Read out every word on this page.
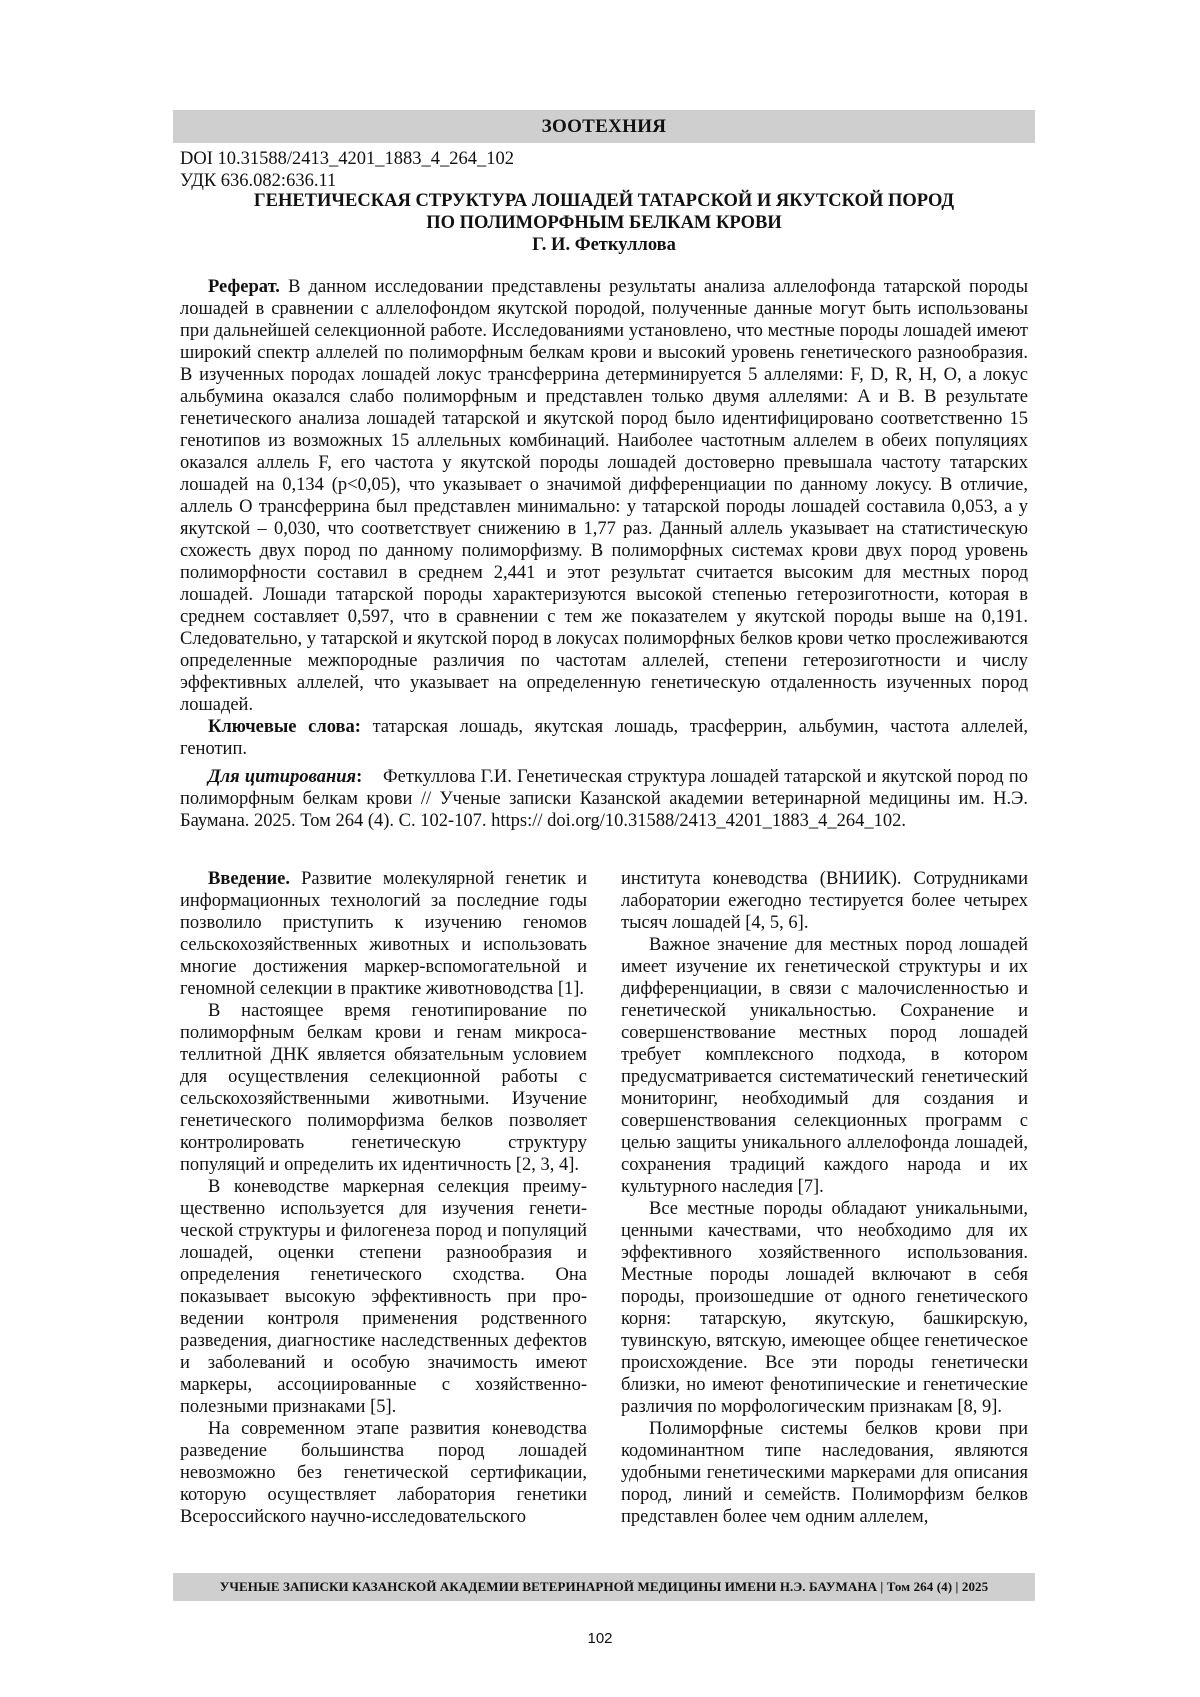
ЗООТЕХНИЯ
DOI 10.31588/2413_4201_1883_4_264_102
УДК 636.082:636.11
ГЕНЕТИЧЕСКАЯ СТРУКТУРА ЛОШАДЕЙ ТАТАРСКОЙ И ЯКУТСКОЙ ПОРОД
ПО ПОЛИМОРФНЫМ БЕЛКАМ КРОВИ
Г. И. Феткуллова

Реферат. В данном исследовании представлены результаты анализа аллелофонда татарской породы лошадей в сравнении с аллелофондом якутской породой, полученные данные могут быть использованы при дальнейшей селекционной работе. Исследованиями установлено, что местные породы лошадей имеют широкий спектр аллелей по полиморфным белкам крови и высокий уровень генетического разнообразия. В изученных породах лошадей локус трансферрина детерминируется 5 аллелями: F, D, R, H, O, а локус альбумина оказался слабо полиморфным и представлен только двумя аллелями: A и B. В результате генетического анализа лошадей татарской и якутской пород было идентифицировано соответственно 15 генотипов из возможных 15 аллельных комбинаций. Наиболее частотным аллелем в обеих популяциях оказался аллель F, его частота у якутской породы лошадей достоверно превышала частоту татарских лошадей на 0,134 (p<0,05), что указывает о значимой дифференциации по данному локусу. В отличие, аллель O трансферрина был представлен минимально: у татарской породы лошадей составила 0,053, а у якутской – 0,030, что соответствует снижению в 1,77 раз. Данный аллель указывает на статистическую схожесть двух пород по данному полиморфизму. В полиморфных системах крови двух пород уровень полиморфности составил в среднем 2,441 и этот результат считается высоким для местных пород лошадей. Лошади татарской породы характеризуются высокой степенью гетерозиготности, которая в среднем составляет 0,597, что в сравнении с тем же показателем у якутской породы выше на 0,191. Следовательно, у татарской и якутской пород в локусах полиморфных белков крови четко прослеживаются определенные межпородные различия по частотам аллелей, степени гетерозиготности и числу эффективных аллелей, что указывает на определенную генетическую отдаленность изученных пород лошадей.

Ключевые слова: татарская лошадь, якутская лошадь, трасферрин, альбумин, частота аллелей, генотип.

Для цитирования: Феткуллова Г.И. Генетическая структура лошадей татарской и якутской пород по полиморфным белкам крови // Ученые записки Казанской академии ветеринарной медицины им. Н.Э. Баумана. 2025. Том 264 (4). С. 102-107. https:// doi.org/10.31588/2413_4201_1883_4_264_102.

Введение. Развитие молекулярной генетик и информационных технологий за последние годы позволило приступить к изучению геномов сельскохозяйственных животных и использовать многие достижения маркер-вспомогательной и геномной селекции в практике животноводства [1].

В настоящее время генотипирование по полиморфным белкам крови и генам микросателлитной ДНК является обязательным условием для осуществления селекционной работы с сельскохозяйственными животными. Изучение генетического полиморфизма белков позволяет контролировать генетическую структуру популяций и определить их идентичность [2, 3, 4].

В коневодстве маркерная селекция преимущественно используется для изучения генетической структуры и филогенеза пород и популяций лошадей, оценки степени разнообразия и определения генетического сходства. Она показывает высокую эффективность при проведении контроля применения родственного разведения, диагностике наследственных дефектов и заболеваний и особую значимость имеют маркеры, ассоциированные с хозяйственно-полезными признаками [5].

На современном этапе развития коневодства разведение большинства пород лошадей невозможно без генетической сертификации, которую осуществляет лаборатория генетики Всероссийского научно-исследовательского

института коневодства (ВНИИК). Сотрудниками лаборатории ежегодно тестируется более четырех тысяч лошадей [4, 5, 6].

Важное значение для местных пород лошадей имеет изучение их генетической структуры и их дифференциации, в связи с малочисленностью и генетической уникальностью. Сохранение и совершенствование местных пород лошадей требует комплексного подхода, в котором предусматривается систематический генетический мониторинг, необходимый для создания и совершенствования селекционных программ с целью защиты уникального аллелофонда лошадей, сохранения традиций каждого народа и их культурного наследия [7].

Все местные породы обладают уникальными, ценными качествами, что необходимо для их эффективного хозяйственного использования. Местные породы лошадей включают в себя породы, произошедшие от одного генетического корня: татарскую, якутскую, башкирскую, тувинскую, вятскую, имеющее общее генетическое происхождение. Все эти породы генетически близки, но имеют фенотипические и генетические различия по морфологическим признакам [8, 9].

Полиморфные системы белков крови при кодоминантном типе наследования, являются удобными генетическими маркерами для описания пород, линий и семейств. Полиморфизм белков представлен более чем одним аллелем,

УЧЕНЫЕ ЗАПИСКИ КАЗАНСКОЙ АКАДЕМИИ ВЕТЕРИНАРНОЙ МЕДИЦИНЫ ИМЕНИ Н.Э. БАУМАНА | Том 264 (4) | 2025
102
